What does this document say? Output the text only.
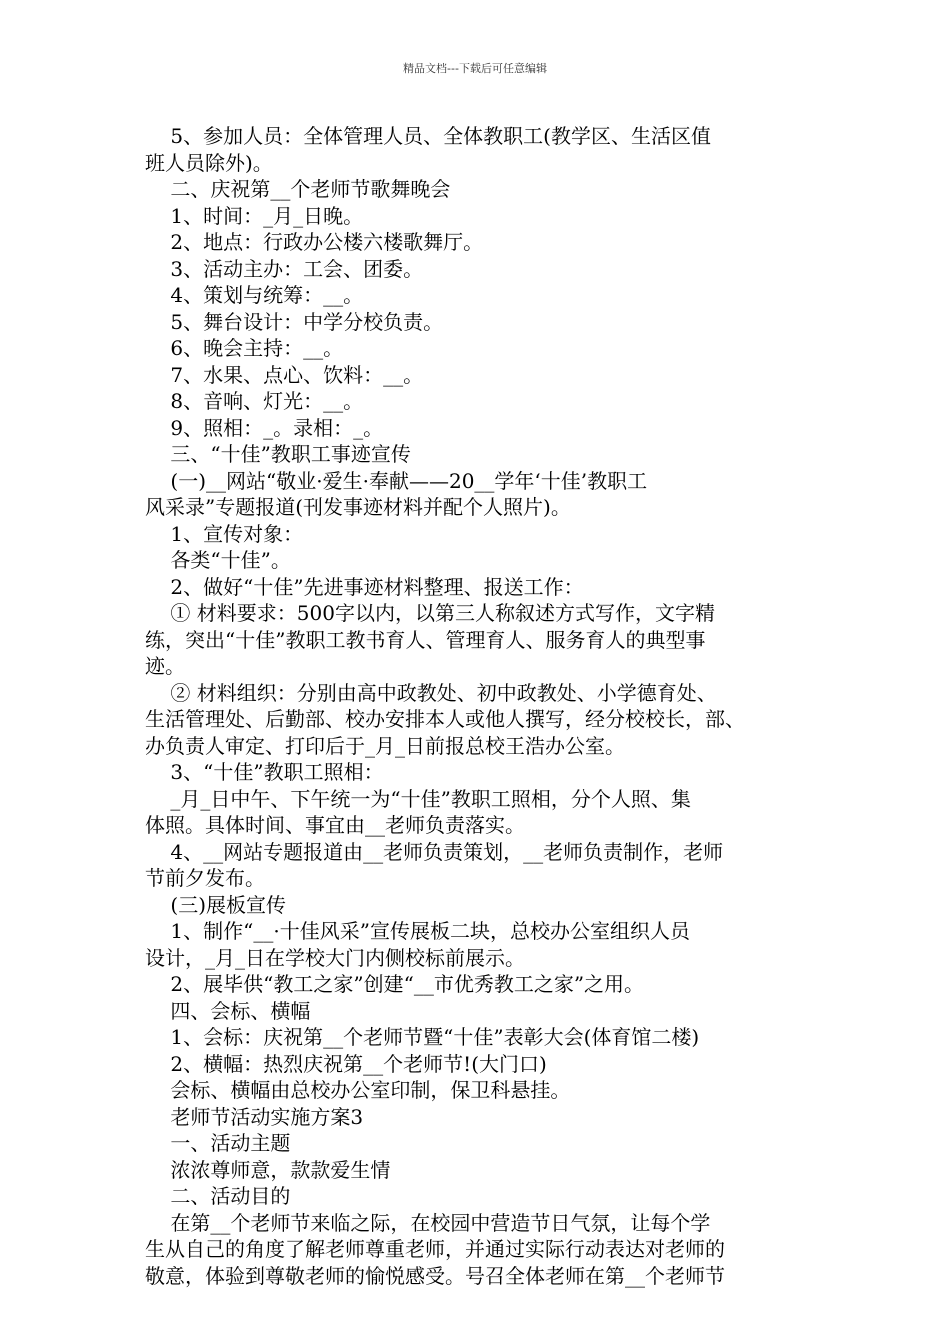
精品文档---下载后可任意编辑
5、参加人员：全体管理人员、全体教职工(教学区、生活区值
班人员除外)。
二、庆祝第__个老师节歌舞晚会
1、时间：_月_日晚。
2、地点：行政办公楼六楼歌舞厅。
3、活动主办：工会、团委。
4、策划与统筹：__。
5、舞台设计：中学分校负责。
6、晚会主持：__。
7、水果、点心、饮料：__。
8、音响、灯光：__。
9、照相：_。录相：_。
三、“十佳”教职工事迹宣传
(一)__网站“敬业·爱生·奉献——20__学年‘十佳’教职工
风采录”专题报道(刊发事迹材料并配个人照片)。
1、宣传对象：
各类“十佳”。
2、做好“十佳”先进事迹材料整理、报送工作：
① 材料要求：500字以内，以第三人称叙述方式写作，文字精
练，突出“十佳”教职工教书育人、管理育人、服务育人的典型事
迹。
② 材料组织：分别由高中政教处、初中政教处、小学德育处、
生活管理处、后勤部、校办安排本人或他人撰写，经分校校长，部、
办负责人审定、打印后于_月_日前报总校王浩办公室。
3、“十佳”教职工照相：
_月_日中午、下午统一为“十佳”教职工照相，分个人照、集
体照。具体时间、事宜由__老师负责落实。
4、__网站专题报道由__老师负责策划，__老师负责制作，老师
节前夕发布。
(三)展板宣传
1、制作“__·十佳风采”宣传展板二块，总校办公室组织人员
设计，_月_日在学校大门内侧校标前展示。
2、展毕供“教工之家”创建“__市优秀教工之家”之用。
四、会标、横幅
1、会标：庆祝第__个老师节暨“十佳”表彰大会(体育馆二楼)
2、横幅：热烈庆祝第__个老师节!(大门口)
会标、横幅由总校办公室印制，保卫科悬挂。
老师节活动实施方案3
一、活动主题
浓浓尊师意，款款爱生情
二、活动目的
在第__个老师节来临之际，在校园中营造节日气氛，让每个学
生从自己的角度了解老师尊重老师，并通过实际行动表达对老师的
敬意，体验到尊敬老师的愉悦感受。号召全体老师在第__个老师节
